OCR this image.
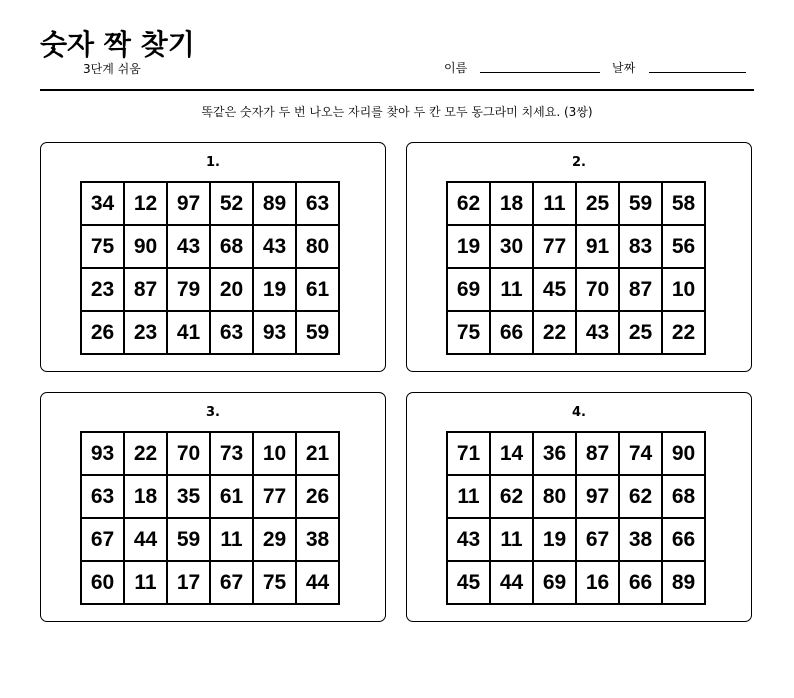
숫자 짝 찾기
3단계 쉬움	이름	날짜
똑같은 숫자가 두 번 나오는 자리를 찾아 두 칸 모두 동그라미 치세요. (3쌍)
1.
34	12	97	52	89	63
75	90	43	68	43	80
23	87	79	20	19	61
26	23	41	63	93	59
2.
62	18	11	25	59	58
19	30	77	91	83	56
69	11	45	70	87	10
75	66	22	43	25	22
3.
93	22	70	73	10	21
63	18	35	61	77	26
67	44	59	11	29	38
60	11	17	67	75	44
4.
71	14	36	87	74	90
11	62	80	97	62	68
43	11	19	67	38	66
45	44	69	16	66	89
